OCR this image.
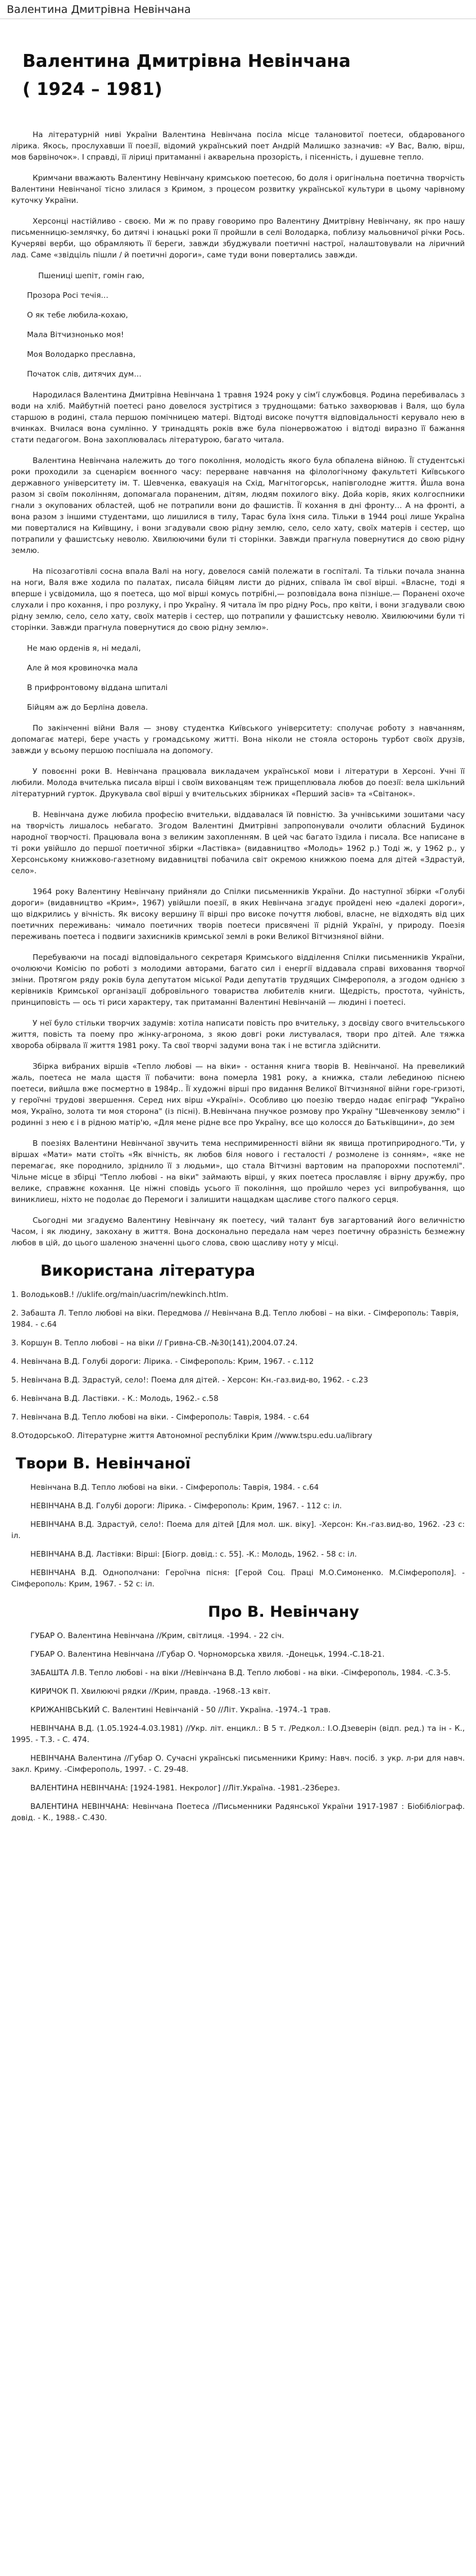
Валентина Дмитрівна Невінчана
Валентина Дмитрівна Невінчана
( 1924 – 1981)

На літературній ниві України Валентина Невінчана посіла місце талановитої поетеси, обдарованого лірика. Якось, прослухавши її поезії, відомий український поет Андрій Малишко зазначив: «У Вас, Валю, вірш, мов барвіночок». І справді, її ліриці притаманні і акварельна прозорість, і пісенність, і душевне тепло.

Кримчани вважають Валентину Невінчану кримською поетесою, бо доля і оригінальна поетична творчість Валентини Невінчаної тісно злилася з Кримом, з процесом розвитку української культури в цьому чарівному куточку України.

Херсонці настійливо - своєю. Ми ж по праву говоримо про Валентину Дмитрівну Невінчану, як про нашу письменницю-землячку, бо дитячі і юнацькі роки її пройшли в селі Володарка, поблизу мальовничої річки Рось. Кучеряві верби, що обрамляють її береги, завжди збуджували поетичні настрої, налаштовували на ліричний лад. Саме «звідціль пішли / й поетичні дороги», саме туди вони повертались завжди.

Пшениці шепіт, гомін гаю,
Прозора Росі течія…
О як тебе любила-кохаю,
Мала Вітчизнонько моя!
Моя Володарко преславна,
Початок слів, дитячих дум…

Народилася Валентина Дмитрівна Невінчана 1 травня 1924 року у сім'ї службовця. Родина перебивалась з води на хліб. Майбутній поетесі рано довелося зустрітися з труднощами: батько захворював і Валя, що була старшою в родині, стала першою помічницею матері. Відтоді високе почуття відповідальності керувало нею в вчинках. Вчилася вона сумлінно. У тринадцять років вже була піонервожатою і відтоді виразно її бажання стати педагогом. Вона захоплювалась літературою, багато читала.

Валентина Невінчана належить до того покоління, молодість якого була обпалена війною. Її студентські роки проходили за сценарієм воєнного часу: перерване навчання на філологічному факультеті Київського державного університету ім. Т. Шевченка, евакуація на Схід, Магнітогорськ, напівголодне життя. Йшла вона разом зі своїм поколінням, допомагала пораненим, дітям, людям похилого віку. Дой́а корів, яких колгоспники гнали з окупованих областей, щоб не потрапили вони до фашистів. Її кохання в дні фронту… А на фронті, а вона разом з іншими студентами, що лишилися в тилу, Тарас була їхня сила. Тільки в 1944 році лише Україна ми поверталися на Київщину, і вони згадували свою рідну землю, село, село хату, своїх матерів і сестер, що потрапили у фашистську неволю. Хвилюючими були ті сторінки. Завжди прагнула повернутися до свою рідну землю.

На пісозаготівлі сосна впала Валі на ногу, довелося самій полежати в госпіталі. Та тільки почала знанна на ноги, Валя вже ходила по палатах, писала бійцям листи до рідних, співала їм свої вірші. «Власне, тоді я вперше і усвідомила, що я поетеса, що мої вірші комусь потрібні,— розповідала вона пізніше.— Поранені охоче слухали і про кохання, і про розлуку, і про Україну. Я читала їм про рідну Рось, про квіти, і вони згадували свою рідну землю, село, село хату, своїх матерів і сестер, що потрапили у фашистську неволю. Хвилюючими були ті сторінки. Завжди прагнула повернутися до свою рідну землю».

Не маю орденів я, ні медалі,
Але й моя кровиночка мала
В прифронтовому віддана шпиталі
Бійцям аж до Берліна довела.

По закінченні війни Валя — знову студентка Київського університету: сполучає роботу з навчанням, допомагає матері, бере участь у громадському житті. Вона ніколи не стояла осторонь турбот своїх друзів, завжди у всьому першою поспішала на допомогу.

У повоєнні роки В. Невінчана працювала викладачем української мови і літератури в Херсоні. Учні її любили. Молода вчителька писала вірші і своїм вихованцям теж прищеплювала любов до поезії: вела шкільний літературний гурток. Друкувала свої вірші у вчительських збірниках «Перший засів» та «Світанок».

В. Невінчана дуже любила професію вчительки, віддавалася їй повністю. За учнівськими зошитами часу на творчість лишалось небагато. Згодом Валентині Дмитрівні запропонували очолити обласний Будинок народної творчості. Працювала вона з великим захопленням. В цей час багато їздила і писала. Все написане в ті роки увійшло до першої поетичної збірки «Ластівка» (видавництво «Молодь» 1962 р.) Тоді ж, у 1962 р., у Херсонському книжково-газетному видавництві побачила світ окремою книжкою поема для дітей «Здрастуй, село».

1964 року Валентину Невінчану прийняли до Спілки письменників України. До наступної збірки «Голубі дороги» (видавництво «Крим», 1967) увійшли поезії, в яких Невінчана згадує пройдені нею «далекі дороги», що відкрились у вічність. Як високу вершину її вірші про високе почуття любові, власне, не відходять від цих поетичних переживань: чимало поетичних творів поетеси присвячені її рідній Україні, у природу. Поезія переживань поетеса і подвиги захисників кримської землі в роки Великої Вітчизняної війни.

Перебуваючи на посаді відповідального секретаря Кримського відділення Спілки письменників України, очолюючи Комісію по роботі з молодими авторами, багато сил і енергії віддавала справі виховання творчої зміни. Протягом ряду років була депутатом міської Ради депутатів трудящих Сімферополя, а згодом однією з керівників Кримської організації добровільного товариства любителів книги. Щедрість, простота, чуйність, принциповість — ось ті риси характеру, так притаманні Валентині Невінчаній — людині і поетесі.

У неї було стільки творчих задумів: хотіла написати повість про вчительку, з досвіду свого вчительського життя, повість та поему про жінку-агронома, з якою довгі роки листувалася, твори про дітей. Але тяжка хвороба обірвала її життя 1981 року. Та свої творчі задуми вона так і не встигла здійснити.

Збірка вибраних віршів «Тепло любові — на віки» - остання книга творів В. Невінчаної. На превеликий жаль, поетеса не мала щастя її побачити: вона померла 1981 року, а книжка, стали лебединою піснею поетеси, вийшла вже посмертно в 1984р.. Її художні вірші про видання Великої Вітчизняної війни горе-гризоті, у героїчні трудові звершення. Серед них вірш «Україні». Особливо цю поезію твердо надає епіграф "Україно моя, Україно, золота ти моя сторона" (із пісні). В.Невінчана пнучкое розмову про Україну "Шевченкову землю" і родинні з нею є і в рідною матір'ю, «Для мене рідне все про Україну, все що колосся до Батьківщини», до зем

В поезіях Валентини Невінчаної звучить тема неспримиренності війни як явища протиприродного."Ти, у віршах «Мати» мати стоїть «Як вічність, як любов біля нового і гесталості / розмолене із сонням», «яке не перемагає, яке породнило, зріднило її з людьми», що стала Вітчизні вартовим на прапорохми поспотемлі". Чільне місце в збірці "Тепло любові - на віки" займають вірші, у яких поетеса прославляє і вірну дружбу, про велике, справжнє кохання. Це ніжні сповідь усього її покоління, що пройшло через усі випробування, що виниклиеш, ніхто не подолає до Перемоги і залишити нащадкам щасливе стого палкого серця.

Сьогодні ми згадуємо Валентину Невінчану як поетесу, чий талант був загартований його величністю Часом, і як людину, закохану в життя. Вона досконально передала нам через поетичну образність безмежну любов в цій, до цього шаленою значенні цього слова, свою щасливу ноту у місці.

Використана література
1. ВолодьковВ.! //uklife.org/main/uacrim/newkinch.htlm.
2. Забашта Л. Тепло любові на віки. Передмова // Невінчана В.Д. Тепло любові – на віки. - Сімферополь: Таврія, 1984. - с.64
3. Коршун В. Тепло любові – на віки // Гривна-СВ.-№30(141),2004.07.24.
4. Невінчана В.Д. Голубі дороги: Лірика. - Сімферополь: Крим, 1967. - с.112
5. Невінчана В.Д. Здрастуй, село!: Поема для дітей. - Херсон: Кн.-газ.вид-во, 1962. - с.23
6. Невінчана В.Д. Ластівки. - К.: Молодь, 1962.- с.58
7. Невінчана В.Д. Тепло любові на віки. - Сімферополь: Таврія, 1984. - с.64
8.ОтодорськоО. Літературне життя Автономної республіки Крим //www.tspu.edu.ua/library
Твори В. Невінчаної
Невінчана В.Д. Тепло любові на віки. - Сімферополь: Таврія, 1984. - с.64
НЕВІНЧАНА В.Д. Голубі дороги: Лірика. - Сімферополь: Крим, 1967. - 112 с: іл.
НЕВІНЧАНА В.Д. Здрастуй, село!: Поема для дітей [Для мол. шк. віку]. -Херсон: Кн.-газ.вид-во, 1962. -23 с: іл.
НЕВІНЧАНА В.Д. Ластівки: Вірші: [Біогр. довід.: с. 55]. -К.: Молодь, 1962. - 58 с: іл.
НЕВІНЧАНА В.Д. Однополчани: Героїчна пісня: [Герой Соц. Праці М.О.Симоненко. М.Сімферополя]. - Сімферополь: Крим, 1967. - 52 с: іл.
Про В. Невінчану
ГУБАР О. Валентина Невінчана //Крим, світлиця. -1994. - 22 січ.
ГУБАР О. Валентина Невінчана //Губар О. Чорноморська хвиля. -Донецьк, 1994.-С.18-21.
ЗАБАШТА Л.В. Тепло любові - на віки //Невінчана В.Д. Тепло любові - на віки. -Сімферополь, 1984. -С.3-5.
КИРИЧОК П. Хвилюючі рядки //Крим, правда. -1968.-13 квіт.
КРИЖАНІВСЬКИЙ С. Валентині Невінчаній - 50 //Літ. Україна. -1974.-1 трав.
НЕВІНЧАНА В.Д. (1.05.1924-4.03.1981) //Укр. літ. енцикл.: В 5 т. /Редкол.: І.О.Дзеверін (відп. ред.) та ін - К., 1995. - Т.3. - С. 474.
НЕВІНЧАНА Валентина //Губар О. Сучасні українські письменники Криму: Навч. посіб. з укр. л-ри для навч. закл. Криму. -Сімферополь, 1997. - С. 29-48.
ВАЛЕНТИНА НЕВІНЧАНА: [1924-1981. Некролог] //Літ.Україна. -1981.-23берез.
ВАЛЕНТИНА НЕВІНЧАНА: Невінчана Поетеса //Письменники Радянської України 1917-1987 : Біобібліограф. довід. - К., 1988.- С.430.
